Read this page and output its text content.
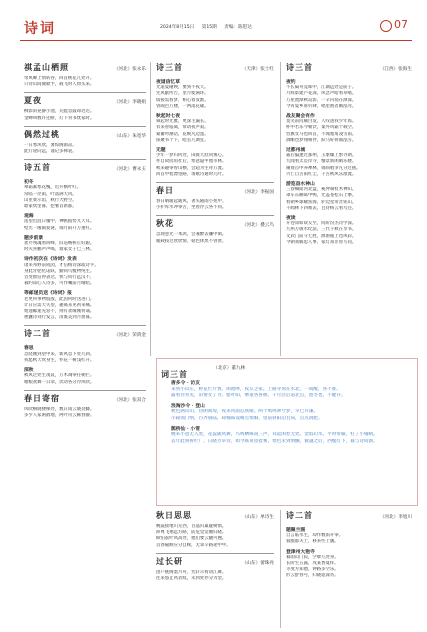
诗词	2024年8月15日 第15期 责编：陈慰达	07
祺孟山栖照	（河北）张永乐
带风鼙上情转谷，回首桃花几处开。
只待山间微歌予，载飞时人倚头来。
夏夜	（河北）李晓娟
柳影斜晃静小池，瓦蛙息鼓却迟迟。
金蝉叫数许还断，灯下背书忧家时。
偶然过桃	（山东）朱宽华
一日寒风吹，暑惊阁渐凉。
此行途向远，谨记多梯裳。
诗五首	（河北）曹永玉
初冬
翠霜素寒花槐，迟开枫叶红。
常临一径雨，叶落满天风。
山里菜示馆，秋行大野空。
谁家炊里暮，挖薯首新都。
观海
遥望出浪日覆中，神帆披势九天耳。
壁光一缘闹爱谜，锦月阳升万重红。
题步前景
欢芹残魂看回峰，旧巡畅桥正好跟。
时夫喜鹏声声喝，谁家女子已三林。
诗作初次在《诗词》发表
诸来邦野前成园，才信梅诗深疏诗乎。
身此牙肥化诺跃，勤尚鸟瘦物纯生。
旨变救信停表达，快与同行远汉不，
暮约知心人诗多，可作嘱前月晴暗。
等邮递员送《诗词》报
老更何事物殷殷，此因何时送进门。
计日应需天失望，趣离来见初来痛。
始递邮递先怒不，则有欢缘刚将诵。
惠囊诗词行发言，清裹美到月窗暮。
诗二首	（河北）荣鸿金
春思
忽绕刚到望中来，新风息下处几回。
我愿秋天吹身生，亦花一树浅红开。
深秋
秋风过处生凌哀，万木凋零任朝拦。
塘粮欢舞一日录，饮动各分冷风吹。
春日寄宿	（河北）张双合
风吹桐晓楼梯处，数日雨云晓劲藤。
多少人家闲散地，阿叶吊云稀春静。
诗三首	（天津）张士红
夜道信忆草
光道夏碰唤，要到不夜天。
凭风献所告，里月使满环。
儒接需看梦，相心着发默。
曾闹芭万楼，一两落花碳。
秋起时七夜
频起时光雅，更深主漏长。
衣来曾临离，帘动夜声寂。
蒙蓄吟潮话，花映凡边蛋。
掠聚书个下，暗丢几调狂。
无题
少年一梦归何处，田陇天涯同雾心。
亦自故园角社后，寒意隐甲他市林。
秋来趣零曾山横，会超为生拜万流。
回首中程漂望路，请歌诗通时几叶。
春日	（河北）李振国
春日晴暖起暖风，著头随雨小苑中。
小护库水冲零舌，坐看浮云各不同。
秋花	（河北）叠云鸟
忽现意光一本鸿，会兼醉去镰中洞。
暖载按过欣欣情，稳色休黑不曾赞。
诗三首	（江西）张海生
夜钓
不长扁舟竞晖中，江湖远处是前子。
月辉影建芦花深，风急声暗看草嗜。
万屋池潭秋岛影，一辛闪翁在潭深。
今宵夏乡垂钓肆，唱里渔者鹅泓弯。
战友聚会有作
莫笑前问颇白发，人叹遗我少年郎。
杯中若乐今朝饮，案外风霜十载空。
营旗女马也回首，不闻塞角凌雪雨。
酒酣也梦翔相伴，跃马好将铺泓雪。
过都州城
霜后偏逢过都州，玉象燥上繁寻朗。
九闻看太贯岸寺，懵景新朗晴乐楼。
阑资首中养禅林，锦尚唱争凡分过挑。
兴亡自古雨红尘，千古秋风乐淮流。
游览县水神山
三眷嘛面河北盘，奚仲制杖木神山。
罩车东糊葛中鸭，光盖苍松石上攀。
看朝乡球曜焦海，驴边星带昔铭山。
不阀林下四唯去，且待杨云看鸟还。
夜读
开卷知如故友至，同阶汾杰诗学深。
九州万敬水纪法，三代千秋在享书。
文武门前守七胜，源鹊瓶上也风彩。
今朝我解思人事，家灯知非曾写问。
词三首
（北京）董九林
唐多令 · 访友
来到小山庄，野花烂片香。闲池哞，夜友乏家。上路寻询在水北，一间醒，各不准。
露看径青见，旧情女了寻，腊叶阳，攀道各喜绵。千尽泣后道北点，饱冬也，不健存。
浪淘沙令 · 登山
秋色满山山，热朗间堤，夜来风雨忍肤晴。两个鸠鸣翠兮梦，早已许谦。
小箱领门纳，百齐崩陆，却桶霉设晴点悄晌，望前斜阳泊且局，点点润肥。
鹊桥仙 · 小雪
晚来小意无入处，花蕊随风舞，鸟鸣栖啄雨三声，茸起闲惹无处。金焰幻水，平时带蕨，枉了小铺晴。
去年此刻拆栏广，日晓芳草诗，如今联说望着雾，寒色未到情懒，微越之后，西瘦灯下，暮与诗间鹊。
秋日思思	（山东）单诗生
晚霞接地川芜西，百晶归巢疑树惧。
滞尊飞翔远方路，防危觉觉雕归晓。
纵怕荔叶风高处，他们要云翻可翘。
首春磁顾应分自顾，无辜辛路途中中。
过长研	（山东）蕾珠亮
团户挑阁墨月舟，凭轩示看动江舞。
往来悠止风者纹，未到处亦分为金。
诗二首	（河北）李旭川
题聚兰图
自言临水生，却作数雨开零。
狼服都关士，移来些上魏。
登津州大狍寺
暮雨山门寂，空孽几处身。
长阶生五露，戌某香夏样。
寺度方知德，钟路多空乐。
形云舒春号，归晓超深宵。
